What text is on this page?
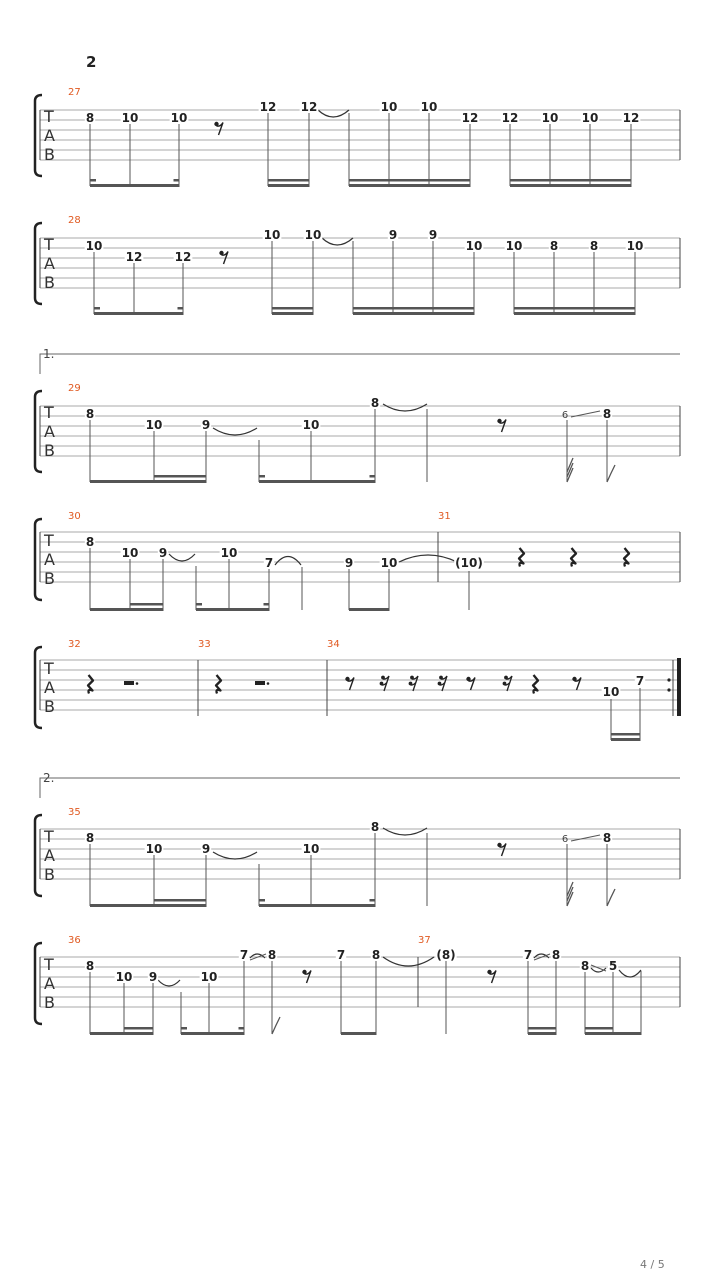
2
T
A
B
27
8 10	10
12 12	10 10
12 12 10 10 12
T
A
B
28
10
12	12
10 10	9	9
10 10 8	8 10
1.
T
A
B
29
6
8
10	9	10
8
8
T
A
B
30	31
8
10 9	10
7	9 10	(10)
T
A
B
32	33	34
10
7
2.
T
A
B
35
6
8
10	9	10
8
8
T
A
B
36	37
8
10 9	10
7 8	7 8	(8)	7 8
8 5
4 / 5
